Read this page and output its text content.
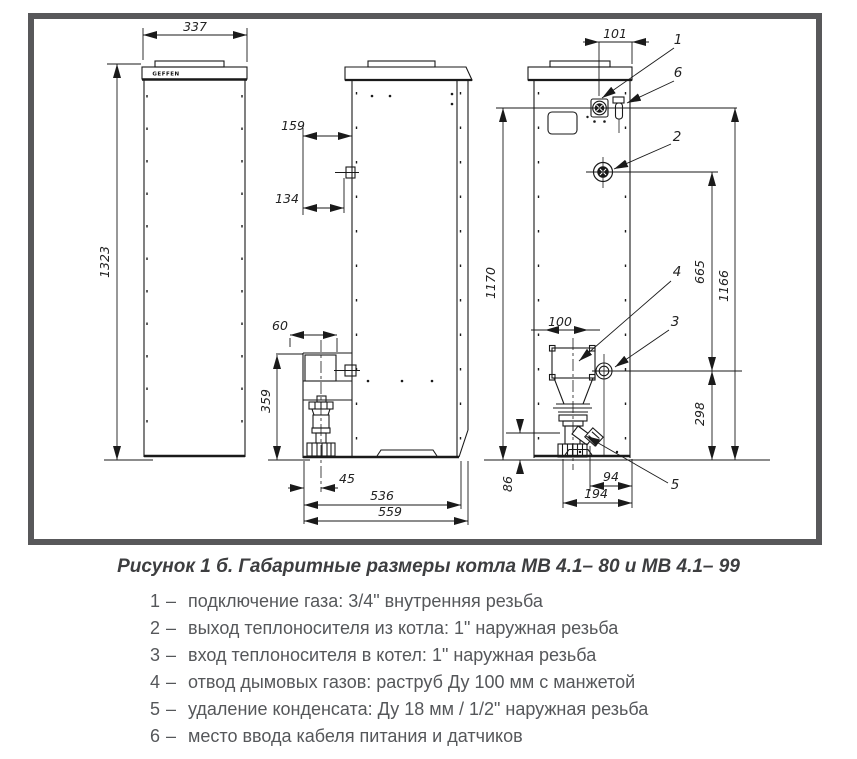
GEFFEN
337
1323
159
134
60
359
45
536
559
101
1170	1166
665
298
100
86	94
194
1
6
2
4
3
5
Рисунок 1 б. Габаритные размеры котла МВ 4.1– 80 и МВ 4.1– 99
1 – подключение газа: 3/4" внутренняя резьба
2 – выход теплоносителя из котла: 1" наружная резьба
3 – вход теплоносителя в котел: 1" наружная резьба
4 – отвод дымовых газов: раструб Ду 100 мм с манжетой
5 – удаление конденсата: Ду 18 мм / 1/2" наружная резьба
6 – место ввода кабеля питания и датчиков
